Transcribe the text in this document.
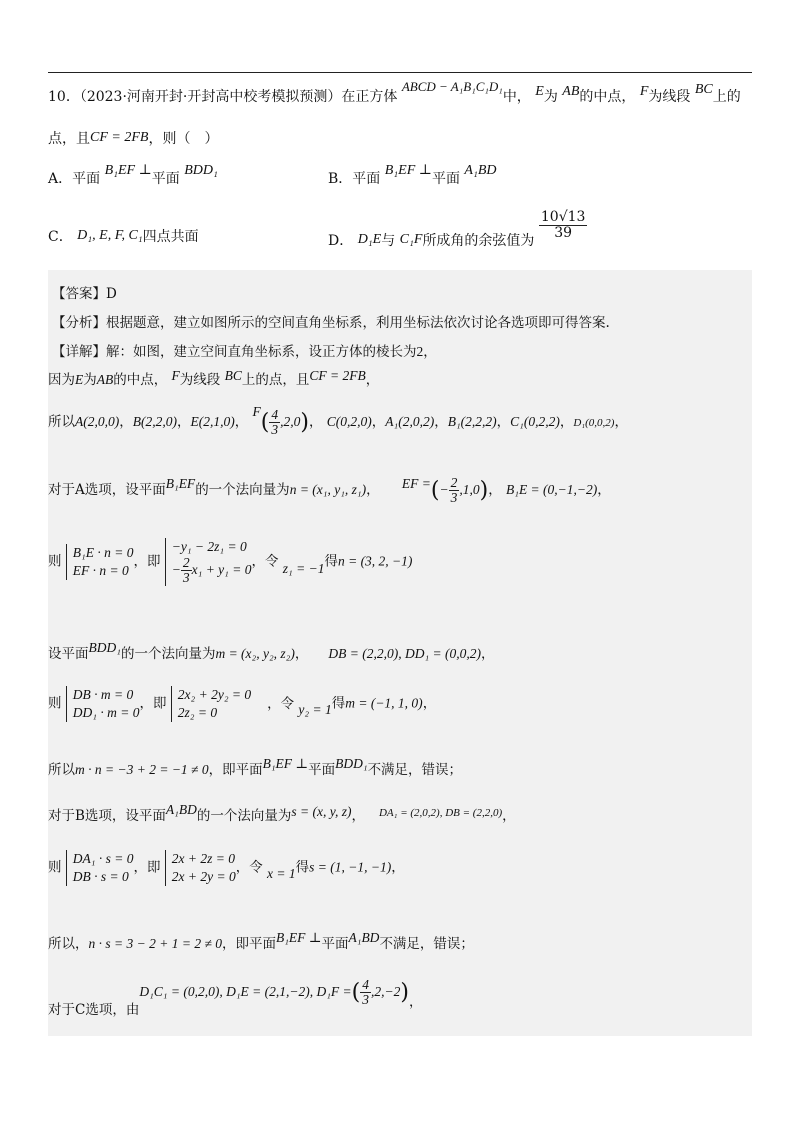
10．（2023·河南开封·开封高中校考模拟预测）在正方体 ABCD − A₁B₁C₁D₁中， E为 AB的中点， F为线段 BC上的
点，且CF = 2FB，则（　）
A．平面 B₁EF ⊥平面 BDD₁
B．平面 B₁EF ⊥平面 A₁BD
C． D₁, E, F, C₁四点共面	D． D₁E与 C₁F所成角的余弦值为
$\frac{10√13}{39}$
【答案】D
【分析】根据题意，建立如图所示的空间直角坐标系，利用坐标法依次讨论各选项即可得答案.
【详解】解：如图，建立空间直角坐标系，设正方体的棱长为2，
因为E为AB的中点， F为线段 BC上的点，且CF = 2FB，
所以A(2,0,0)，B(2,2,0)，E(2,1,0)， $F( \frac{4}{3} ,2,0)$， C(0,2,0)，A₁(2,0,2)，B₁(2,2,2)，C₁(0,2,2)，D₁(0,0,2)，
对于A选项，设平面B₁EF的一个法向量为n = (x₁, y₁, z₁)， EF =(− $\frac{2}{3} ,1,0$)， B₁E = (0,−1,−2)，
则
B₁E · n = 0
EF · n = 0
，即
−y₁ − 2z₁ = 0
− $\frac{2}{3} x_1 + y_1 = 0$
，令 z₁ = −1得n = (3, 2, −1)
设平面BDD₁的一个法向量为m = (x₂, y₂, z₂)， DB = (2,2,0), DD₁ = (0,0,2)，
则
DB · m = 0
DD₁ · m = 0
，即
2x₂ + 2y₂ = 0
2z₂ = 0
，令 y₂ = 1得m = (−1, 1, 0)，
所以m · n = −3 + 2 = −1 ≠ 0，即平面B₁EF ⊥平面BDD₁不满足，错误；
对于B选项，设平面A₁BD的一个法向量为s = (x, y, z)， $^{DA_1 = (2,0,2), DB = (2,2,0)}$，
则
DA₁ · s = 0
DB · s = 0
，即
2x + 2z = 0
2x + 2y = 0
，令 x = 1得s = (1, −1, −1)，
所以，n · s = 3 − 2 + 1 = 2 ≠ 0，即平面B₁EF ⊥平面A₁BD不满足，错误；
对于C选项，由D₁C₁ = (0,2,0), D₁E = (2,1,−2), D₁F =( $\frac{4}{3} ,2,-2$)，
